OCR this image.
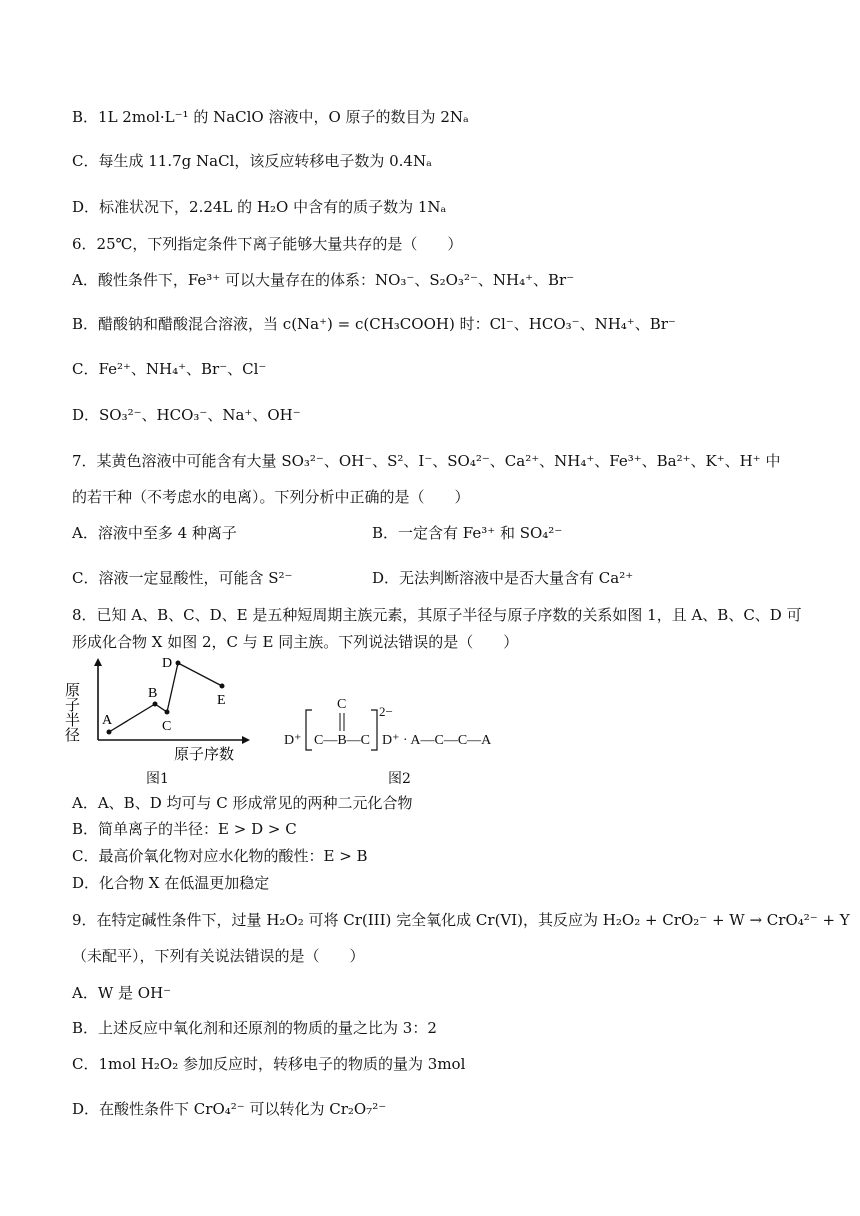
B．1L 2mol·L⁻¹ 的 NaClO 溶液中，O 原子的数目为 2Nₐ
C．每生成 11.7g NaCl，该反应转移电子数为 0.4Nₐ
D．标准状况下，2.24L 的 H₂O 中含有的质子数为 1Nₐ
6．25℃，下列指定条件下离子能够大量共存的是（　　）
A．酸性条件下，Fe³⁺ 可以大量存在的体系：NO₃⁻、S₂O₃²⁻、NH₄⁺、Br⁻
B．醋酸钠和醋酸混合溶液，当 c(Na⁺) = c(CH₃COOH) 时：Cl⁻、HCO₃⁻、NH₄⁺、Br⁻
C．Fe²⁺、NH₄⁺、Br⁻、Cl⁻
D．SO₃²⁻、HCO₃⁻、Na⁺、OH⁻
7．某黄色溶液中可能含有大量 SO₃²⁻、OH⁻、S²、I⁻、SO₄²⁻、Ca²⁺、NH₄⁺、Fe³⁺、Ba²⁺、K⁺、H⁺ 中
的若干种（不考虑水的电离）。下列分析中正确的是（　　）
A．溶液中至多 4 种离子	B．一定含有 Fe³⁺ 和 SO₄²⁻
C．溶液一定显酸性，可能含 S²⁻	D．无法判断溶液中是否大量含有 Ca²⁺
8．已知 A、B、C、D、E 是五种短周期主族元素，其原子半径与原子序数的关系如图 1，且 A、B、C、D 可
形成化合物 X 如图 2，C 与 E 同主族。下列说法错误的是（　　）
原子半径 A
B
C
D
E
原子序数
图1
D⁺
C
C—B—C
2−
D⁺ · A—C—C—A
图2
A．A、B、D 均可与 C 形成常见的两种二元化合物
B．简单离子的半径：E > D > C
C．最高价氧化物对应水化物的酸性：E > B
D．化合物 X 在低温更加稳定
9．在特定碱性条件下，过量 H₂O₂ 可将 Cr(III) 完全氧化成 Cr(VI)，其反应为 H₂O₂ + CrO₂⁻ + W → CrO₄²⁻ + Y
（未配平），下列有关说法错误的是（　　）
A．W 是 OH⁻
B．上述反应中氧化剂和还原剂的物质的量之比为 3：2
C．1mol H₂O₂ 参加反应时，转移电子的物质的量为 3mol
D．在酸性条件下 CrO₄²⁻ 可以转化为 Cr₂O₇²⁻
